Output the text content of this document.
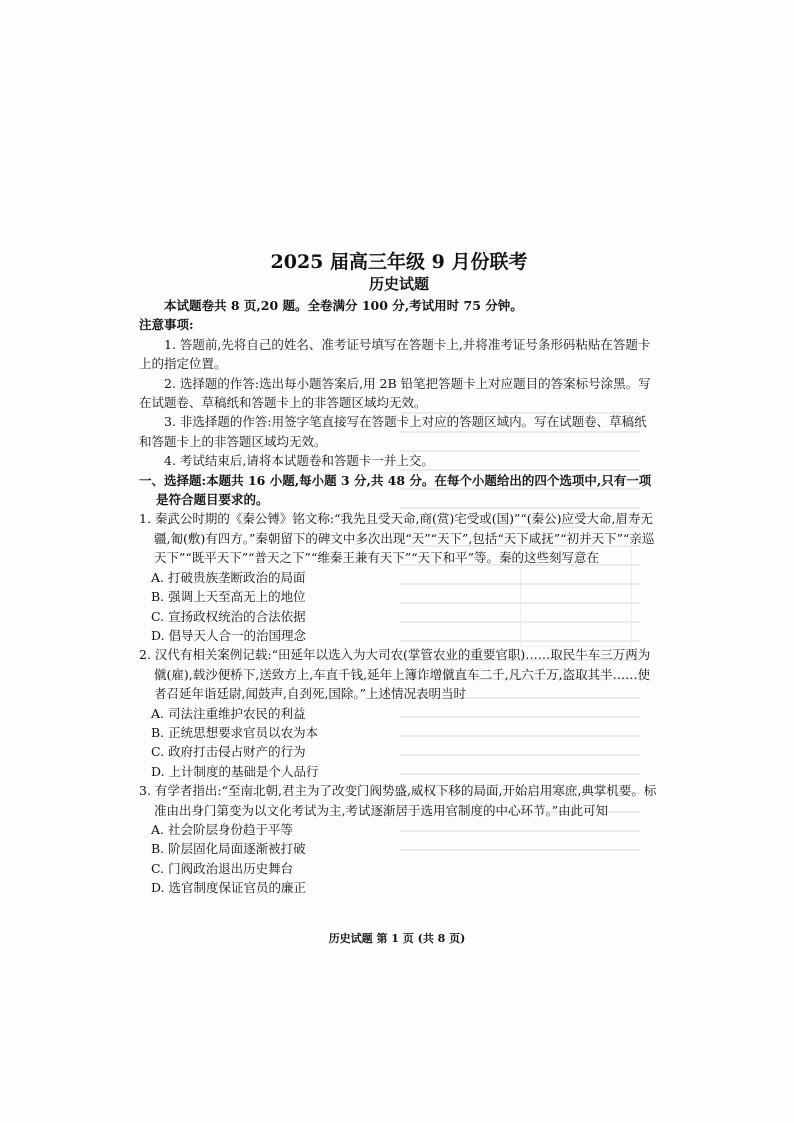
2025 届高三年级 9 月份联考

历史试题

本试题卷共 8 页,20 题。全卷满分 100 分,考试用时 75 分钟。

注意事项:

1. 答题前,先将自己的姓名、准考证号填写在答题卡上,并将准考证号条形码粘贴在答题卡上的指定位置。

2. 选择题的作答:选出每小题答案后,用 2B 铅笔把答题卡上对应题目的答案标号涂黑。写在试题卷、草稿纸和答题卡上的非答题区域均无效。

3. 非选择题的作答:用签字笔直接写在答题卡上对应的答题区域内。写在试题卷、草稿纸和答题卡上的非答题区域均无效。

4. 考试结束后,请将本试题卷和答题卡一并上交。

一、选择题:本题共 16 小题,每小题 3 分,共 48 分。在每个小题给出的四个选项中,只有一项是符合题目要求的。

1. 秦武公时期的《秦公镈》铭文称:“我先且受天命,商(赏)宅受或(国)”“(秦公)应受大命,眉寿无疆,匍(敷)有四方。”秦朝留下的碑文中多次出现“天”“天下”,包括“天下咸抚”“初并天下”“亲巡天下”“既平天下”“普天之下”“维秦王兼有天下”“天下和平”等。秦的这些刻写意在

A. 打破贵族垄断政治的局面

B. 强调上天至高无上的地位

C. 宣扬政权统治的合法依据

D. 倡导天人合一的治国理念

2. 汉代有相关案例记载:“田延年以选入为大司农(掌管农业的重要官职)……取民牛车三万两为僦(雇),载沙便桥下,送致方上,车直千钱,延年上簿诈增僦直车二千,凡六千万,盗取其半……使者召延年诣廷尉,闻鼓声,自刭死,国除。”上述情况表明当时

A. 司法注重维护农民的利益

B. 正统思想要求官员以农为本

C. 政府打击侵占财产的行为

D. 上计制度的基础是个人品行

3. 有学者指出:“至南北朝,君主为了改变门阀势盛,威权下移的局面,开始启用寒庶,典掌机要。标准由出身门第变为以文化考试为主,考试逐渐居于选用官制度的中心环节。”由此可知

A. 社会阶层身份趋于平等

B. 阶层固化局面逐渐被打破

C. 门阀政治退出历史舞台

D. 选官制度保证官员的廉正

历史试题 第 1 页 (共 8 页)
